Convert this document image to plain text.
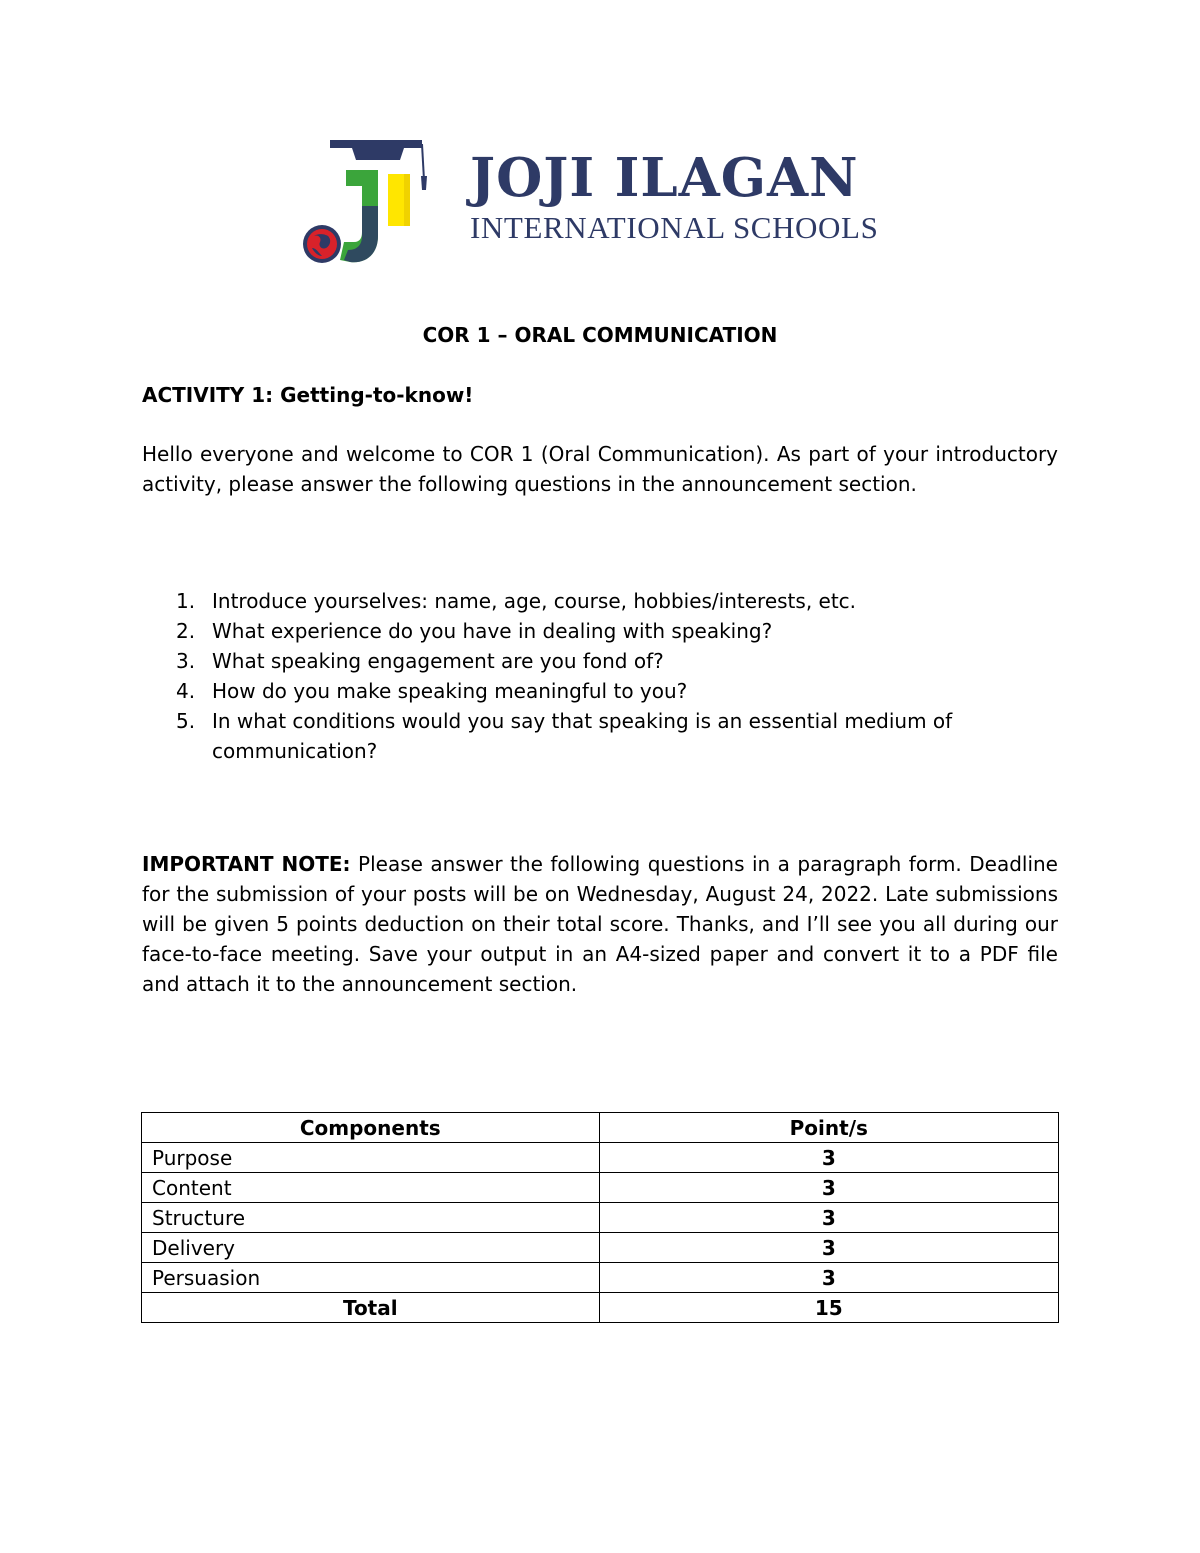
JOJI ILAGAN
INTERNATIONAL SCHOOLS
COR 1 – ORAL COMMUNICATION
ACTIVITY 1: Getting-to-know!

Hello everyone and welcome to COR 1 (Oral Communication). As part of your introductory activity, please answer the following questions in the announcement section.

1. Introduce yourselves: name, age, course, hobbies/interests, etc.
2. What experience do you have in dealing with speaking?
3. What speaking engagement are you fond of?
4. How do you make speaking meaningful to you?
5. In what conditions would you say that speaking is an essential medium of communication?

IMPORTANT NOTE: Please answer the following questions in a paragraph form. Deadline for the submission of your posts will be on Wednesday, August 24, 2022. Late submissions will be given 5 points deduction on their total score. Thanks, and I’ll see you all during our face-to-face meeting. Save your output in an A4-sized paper and convert it to a PDF file and attach it to the announcement section.

Components	Point/s
Purpose	3
Content	3
Structure	3
Delivery	3
Persuasion	3
Total	15
